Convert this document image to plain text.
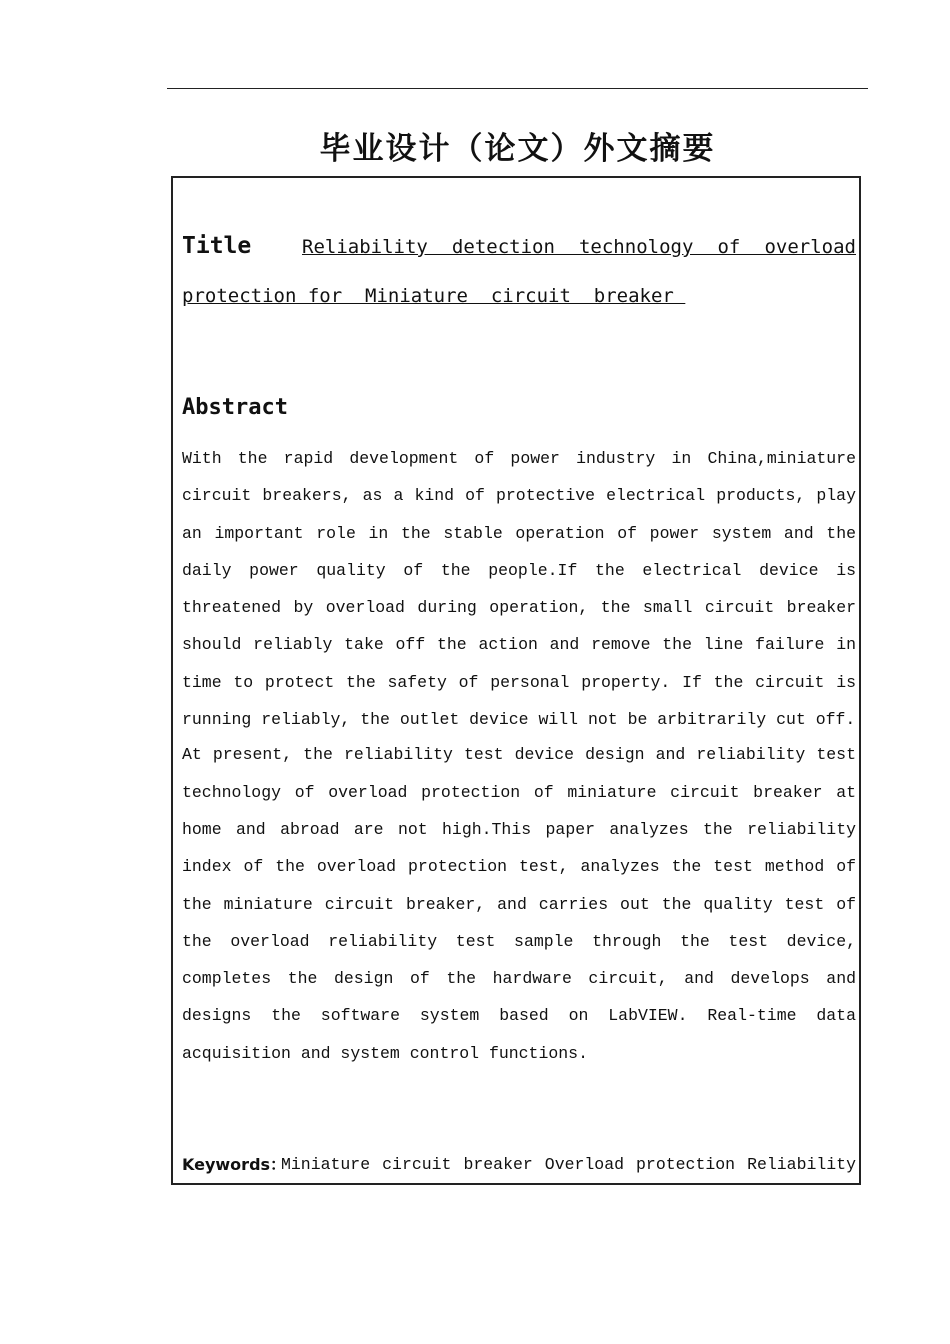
毕业设计（论文）外文摘要
Title	Reliability detection technology of overload
protection for  Miniature  circuit  breaker
Abstract

With the rapid development of power industry in China,miniature circuit breakers, as a kind of protective electrical products, play an important role in the stable operation of power system and the daily power quality of the people.If the electrical device is threatened by overload during operation, the small circuit breaker should reliably take off the action and remove the line failure in time to protect the safety of personal property. If the circuit is running reliably, the outlet device will not be arbitrarily cut off.

At present, the reliability test device design and reliability test technology of overload protection of miniature circuit breaker at home and abroad are not high.This paper analyzes the reliability index of the overload protection test, analyzes the test method of the miniature circuit breaker, and carries out the quality test of the overload reliability test sample through the test device, completes the design of the hardware circuit, and develops and designs the software system based on LabVIEW. Real-time data acquisition and system control functions.

Keywords：
Miniature circuit breaker Overload protection Reliability
